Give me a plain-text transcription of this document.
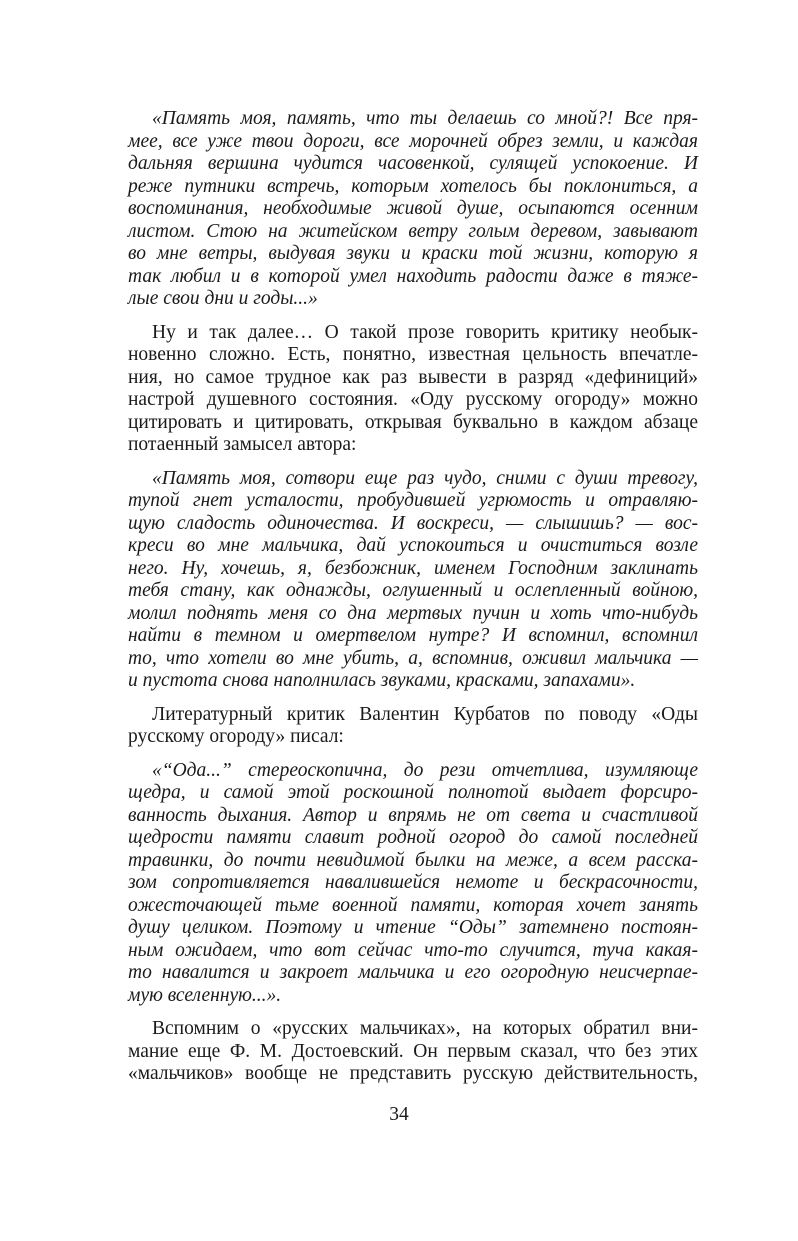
«Память моя, память, что ты делаешь со мной?! Все пря-
мее, все уже твои дороги, все морочней обрез земли, и каждая
дальняя вершина чудится часовенкой, сулящей успокоение. И
реже путники встречь, которым хотелось бы поклониться, а
воспоминания, необходимые живой душе, осыпаются осенним
листом. Стою на житейском ветру голым деревом, завывают
во мне ветры, выдувая звуки и краски той жизни, которую я
так любил и в которой умел находить радости даже в тяже-
лые свои дни и годы...»
Ну и так далее… О такой прозе говорить критику необык-
новенно сложно. Есть, понятно, известная цельность впечатле-
ния, но самое трудное как раз вывести в разряд «дефиниций»
настрой душевного состояния. «Оду русскому огороду» можно
цитировать и цитировать, открывая буквально в каждом абзаце
потаенный замысел автора:
«Память моя, сотвори еще раз чудо, сними с души тревогу,
тупой гнет усталости, пробудившей угрюмость и отравляю-
щую сладость одиночества. И воскреси, — слышишь? — вос-
креси во мне мальчика, дай успокоиться и очиститься возле
него. Ну, хочешь, я, безбожник, именем Господним заклинать
тебя стану, как однажды, оглушенный и ослепленный войною,
молил поднять меня со дна мертвых пучин и хоть что-нибудь
найти в темном и омертвелом нутре? И вспомнил, вспомнил
то, что хотели во мне убить, а, вспомнив, оживил мальчика —
и пустота снова наполнилась звуками, красками, запахами».
Литературный критик Валентин Курбатов по поводу «Оды
русскому огороду» писал:
«“Ода...” стереоскопична, до рези отчетлива, изумляюще
щедра, и самой этой роскошной полнотой выдает форсиро-
ванность дыхания. Автор и впрямь не от света и счастливой
щедрости памяти славит родной огород до самой последней
травинки, до почти невидимой былки на меже, а всем расска-
зом сопротивляется навалившейся немоте и бескрасочности,
ожесточающей тьме военной памяти, которая хочет занять
душу целиком. Поэтому и чтение “Оды” затемнено постоян-
ным ожидаем, что вот сейчас что-то случится, туча какая-
то навалится и закроет мальчика и его огородную неисчерпае-
мую вселенную...».
Вспомним о «русских мальчиках», на которых обратил вни-
мание еще Ф. М. Достоевский. Он первым сказал, что без этих
«мальчиков» вообще не представить русскую действительность,
34
